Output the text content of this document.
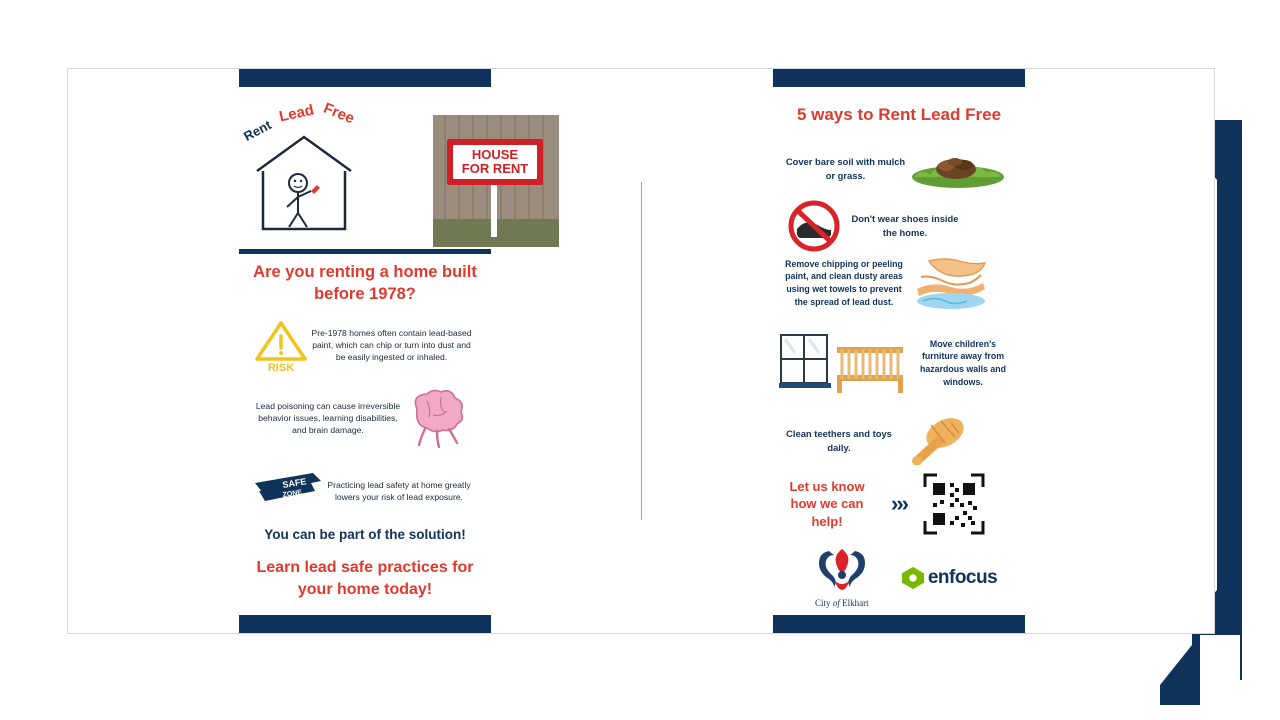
Rent
Lead Free
HOUSE
FOR RENT
Are you renting a home built before 1978?
RISK
Pre-1978 homes often contain lead-based paint, which can chip or turn into dust and be easily ingested or inhaled.
Lead poisoning can cause irreversible behavior issues, learning disabilities, and brain damage.
SAFE
ZONE
Practicing lead safety at home greatly lowers your risk of lead exposure.
You can be part of the solution!
Learn lead safe practices for your home today!
5 ways to Rent Lead Free
Cover bare soil with mulch or grass.
Don't wear shoes inside the home.
Remove chipping or peeling paint, and clean dusty areas using wet towels to prevent the spread of lead dust.
Move children's furniture away from hazardous walls and windows.
Clean teethers and toys daily.
Let us know how we can help!
›››
City of Elkhart
enfocus
